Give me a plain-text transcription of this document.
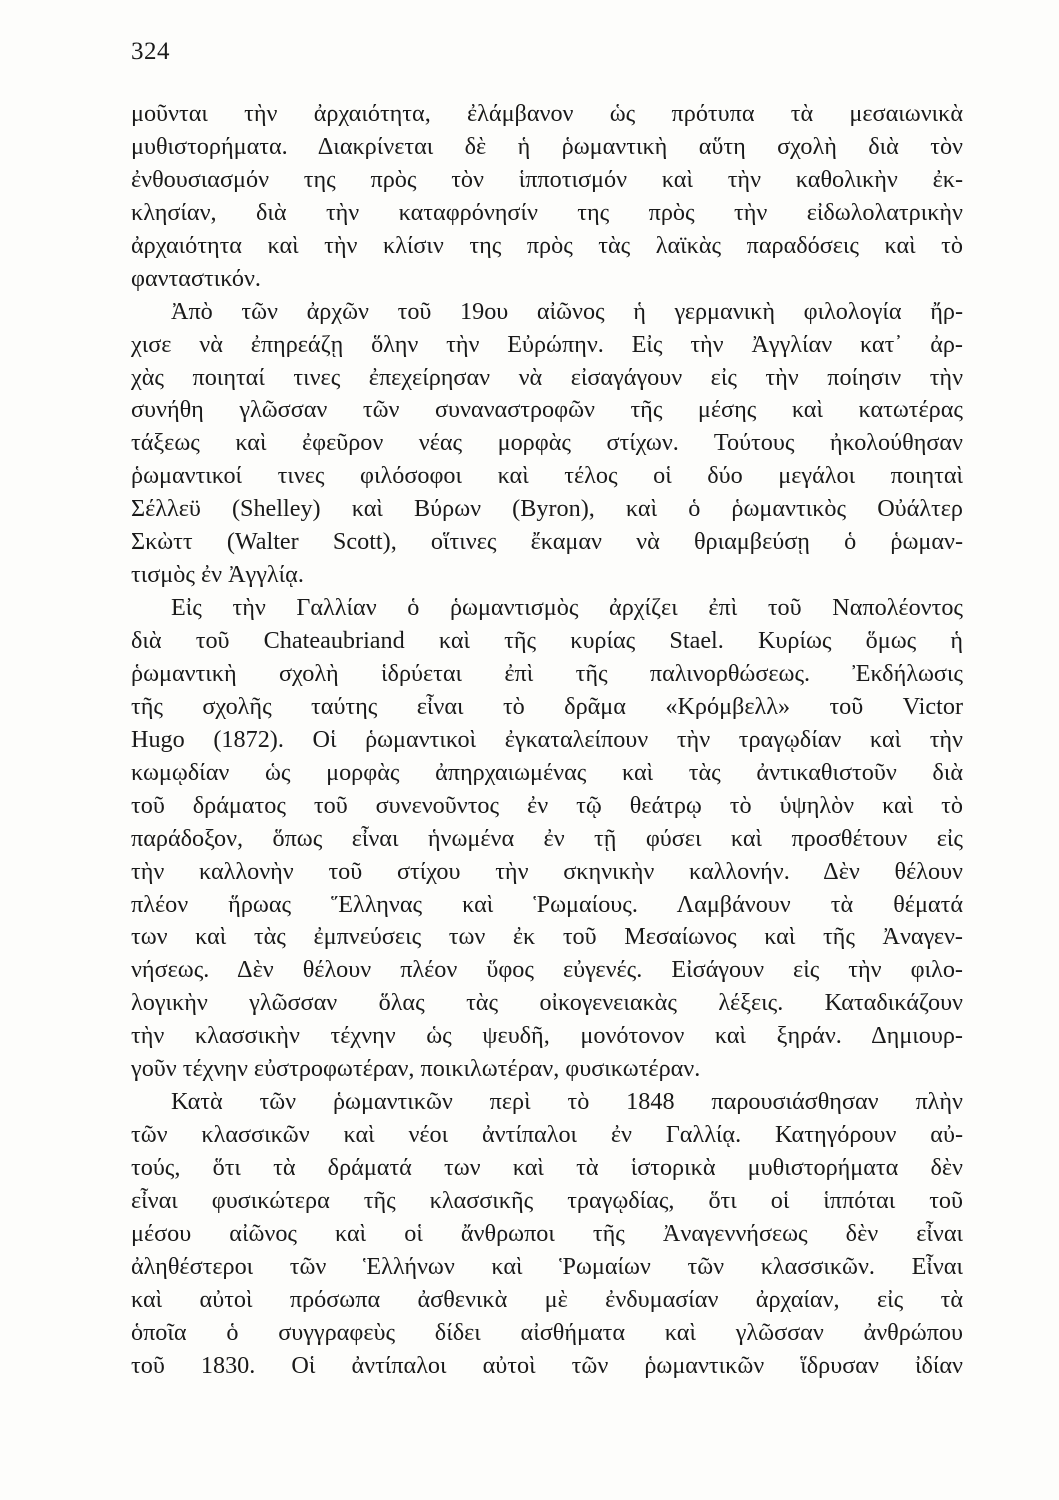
324
μοῦνται τὴν ἀρχαιότητα, ἐλάμβανον ὡς πρότυπα τὰ μεσαιωνικὰ
μυθιστορήματα. Διακρίνεται δὲ ἡ ῥωμαντικὴ αὕτη σχολὴ διὰ τὸν
ἐνθουσιασμόν της πρὸς τὸν ἱπποτισμόν καὶ τὴν καθολικὴν ἐκ-
κλησίαν, διὰ τὴν καταφρόνησίν της πρὸς τὴν εἰδωλολατρικὴν
ἀρχαιότητα καὶ τὴν κλίσιν της πρὸς τὰς λαϊκὰς παραδόσεις καὶ τὸ
φανταστικόν.
Ἀπὸ τῶν ἀρχῶν τοῦ 19ου αἰῶνος ἡ γερμανικὴ φιλολογία ἤρ-
χισε νὰ ἐπηρεάζῃ ὅλην τὴν Εὐρώπην. Εἰς τὴν Ἀγγλίαν κατ᾽ ἀρ-
χὰς ποιηταί τινες ἐπεχείρησαν νὰ εἰσαγάγουν εἰς τὴν ποίησιν τὴν
συνήθη γλῶσσαν τῶν συναναστροφῶν τῆς μέσης καὶ κατωτέρας
τάξεως καὶ ἐφεῦρον νέας μορφὰς στίχων. Τούτους ἠκολούθησαν
ῥωμαντικοί τινες φιλόσοφοι καὶ τέλος οἱ δύο μεγάλοι ποιηταὶ
Σέλλεϋ (Shelley) καὶ Βύρων (Byron), καὶ ὁ ῥωμαντικὸς Οὐάλτερ
Σκὼττ (Walter Scott), οἵτινες ἔκαμαν νὰ θριαμβεύσῃ ὁ ῥωμαν-
τισμὸς ἐν Ἀγγλίᾳ.
Εἰς τὴν Γαλλίαν ὁ ῥωμαντισμὸς ἀρχίζει ἐπὶ τοῦ Ναπολέοντος
διὰ τοῦ Chateaubriand καὶ τῆς κυρίας Stael. Κυρίως ὅμως ἡ
ῥωμαντικὴ σχολὴ ἱδρύεται ἐπὶ τῆς παλινορθώσεως. Ἐκδήλωσις
τῆς σχολῆς ταύτης εἶναι τὸ δρᾶμα «Κρόμβελλ» τοῦ Victor
Hugo (1872). Οἱ ῥωμαντικοὶ ἐγκαταλείπουν τὴν τραγῳδίαν καὶ τὴν
κωμῳδίαν ὡς μορφὰς ἀπηρχαιωμένας καὶ τὰς ἀντικαθιστοῦν διὰ
τοῦ δράματος τοῦ συνενοῦντος ἐν τῷ θεάτρῳ τὸ ὑψηλὸν καὶ τὸ
παράδοξον, ὅπως εἶναι ἡνωμένα ἐν τῇ φύσει καὶ προσθέτουν εἰς
τὴν καλλονὴν τοῦ στίχου τὴν σκηνικὴν καλλονήν. Δὲν θέλουν
πλέον ἥρωας Ἕλληνας καὶ Ῥωμαίους. Λαμβάνουν τὰ θέματά
των καὶ τὰς ἐμπνεύσεις των ἐκ τοῦ Μεσαίωνος καὶ τῆς Ἀναγεν-
νήσεως. Δὲν θέλουν πλέον ὕφος εὐγενές. Εἰσάγουν εἰς τὴν φιλο-
λογικὴν γλῶσσαν ὅλας τὰς οἰκογενειακὰς λέξεις. Καταδικάζουν
τὴν κλασσικὴν τέχνην ὡς ψευδῆ, μονότονον καὶ ξηράν. Δημιουρ-
γοῦν τέχνην εὐστροφωτέραν, ποικιλωτέραν, φυσικωτέραν.
Κατὰ τῶν ῥωμαντικῶν περὶ τὸ 1848 παρουσιάσθησαν πλὴν
τῶν κλασσικῶν καὶ νέοι ἀντίπαλοι ἐν Γαλλίᾳ. Κατηγόρουν αὐ-
τούς, ὅτι τὰ δράματά των καὶ τὰ ἱστορικὰ μυθιστορήματα δὲν
εἶναι φυσικώτερα τῆς κλασσικῆς τραγῳδίας, ὅτι οἱ ἱππόται τοῦ
μέσου αἰῶνος καὶ οἱ ἄνθρωποι τῆς Ἀναγεννήσεως δὲν εἶναι
ἀληθέστεροι τῶν Ἑλλήνων καὶ Ῥωμαίων τῶν κλασσικῶν. Εἶναι
καὶ αὐτοὶ πρόσωπα ἀσθενικὰ μὲ ἐνδυμασίαν ἀρχαίαν, εἰς τὰ
ὁποῖα ὁ συγγραφεὺς δίδει αἰσθήματα καὶ γλῶσσαν ἀνθρώπου
τοῦ 1830. Οἱ ἀντίπαλοι αὐτοὶ τῶν ῥωμαντικῶν ἵδρυσαν ἰδίαν
